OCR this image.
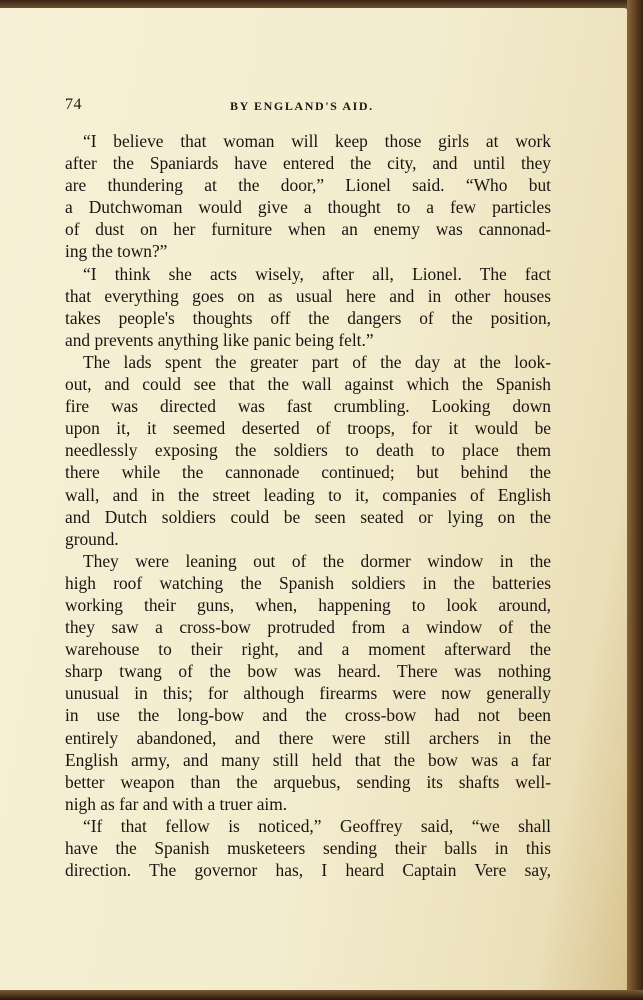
74	BY ENGLAND'S AID.
“I believe that woman will keep those girls at work
after the Spaniards have entered the city, and until they
are thundering at the door,” Lionel said. “Who but
a Dutchwoman would give a thought to a few particles
of dust on her furniture when an enemy was cannonad-
ing the town?”
“I think she acts wisely, after all, Lionel. The fact
that everything goes on as usual here and in other houses
takes people's thoughts off the dangers of the position,
and prevents anything like panic being felt.”
The lads spent the greater part of the day at the look-
out, and could see that the wall against which the Spanish
fire was directed was fast crumbling. Looking down
upon it, it seemed deserted of troops, for it would be
needlessly exposing the soldiers to death to place them
there while the cannonade continued; but behind the
wall, and in the street leading to it, companies of English
and Dutch soldiers could be seen seated or lying on the
ground.
They were leaning out of the dormer window in the
high roof watching the Spanish soldiers in the batteries
working their guns, when, happening to look around,
they saw a cross-bow protruded from a window of the
warehouse to their right, and a moment afterward the
sharp twang of the bow was heard. There was nothing
unusual in this; for although firearms were now generally
in use the long-bow and the cross-bow had not been
entirely abandoned, and there were still archers in the
English army, and many still held that the bow was a far
better weapon than the arquebus, sending its shafts well-
nigh as far and with a truer aim.
“If that fellow is noticed,” Geoffrey said, “we shall
have the Spanish musketeers sending their balls in this
direction. The governor has, I heard Captain Vere say,
